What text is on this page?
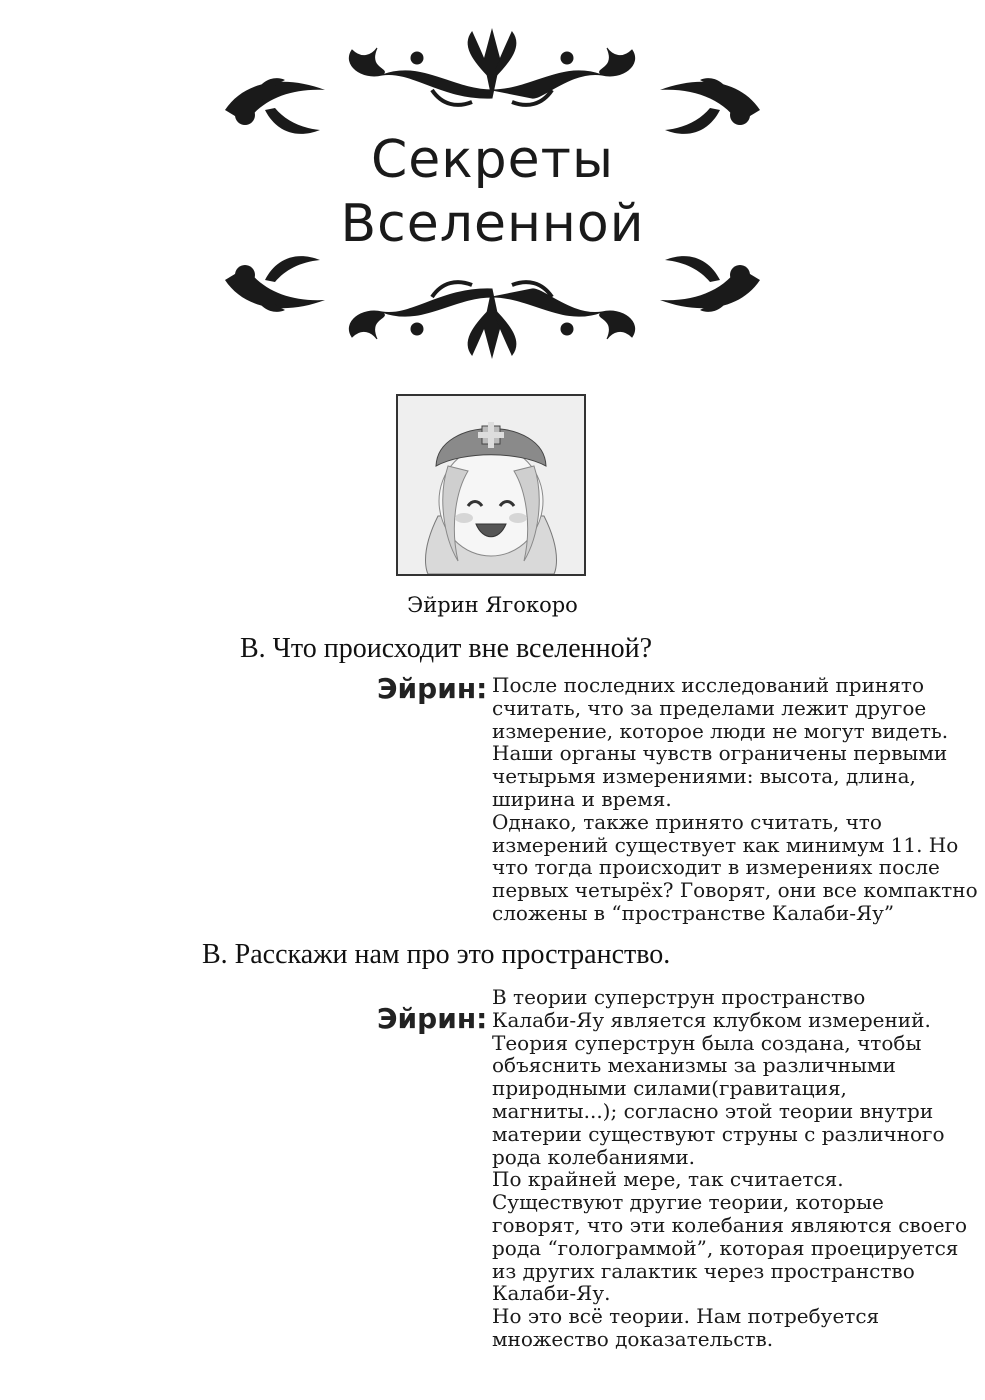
Секреты
Вселенной
Эйрин Ягокоро
В. Что происходит вне вселенной?
Эйрин: После последних исследований принято
считать, что за пределами лежит другое
измерение, которое люди не могут видеть.
Наши органы чувств ограничены первыми
четырьмя измерениями: высота, длина,
ширина и время.
Однако, также принято считать, что
измерений существует как минимум 11. Но
что тогда происходит в измерениях после
первых четырёх? Говорят, они все компактно
сложены в “пространстве Калаби-Яу”
В. Расскажи нам про это пространство.
Эйрин:
В теории суперструн пространство
Калаби-Яу является клубком измерений.
Теория суперструн была создана, чтобы
объяснить механизмы за различными
природными силами(гравитация,
магниты...); согласно этой теории внутри
материи существуют струны с различного
рода колебаниями.
По крайней мере, так считается.
Существуют другие теории, которые
говорят, что эти колебания являются своего
рода “голограммой”, которая проецируется
из других галактик через пространство
Калаби-Яу.
Но это всё теории. Нам потребуется
множество доказательств.
